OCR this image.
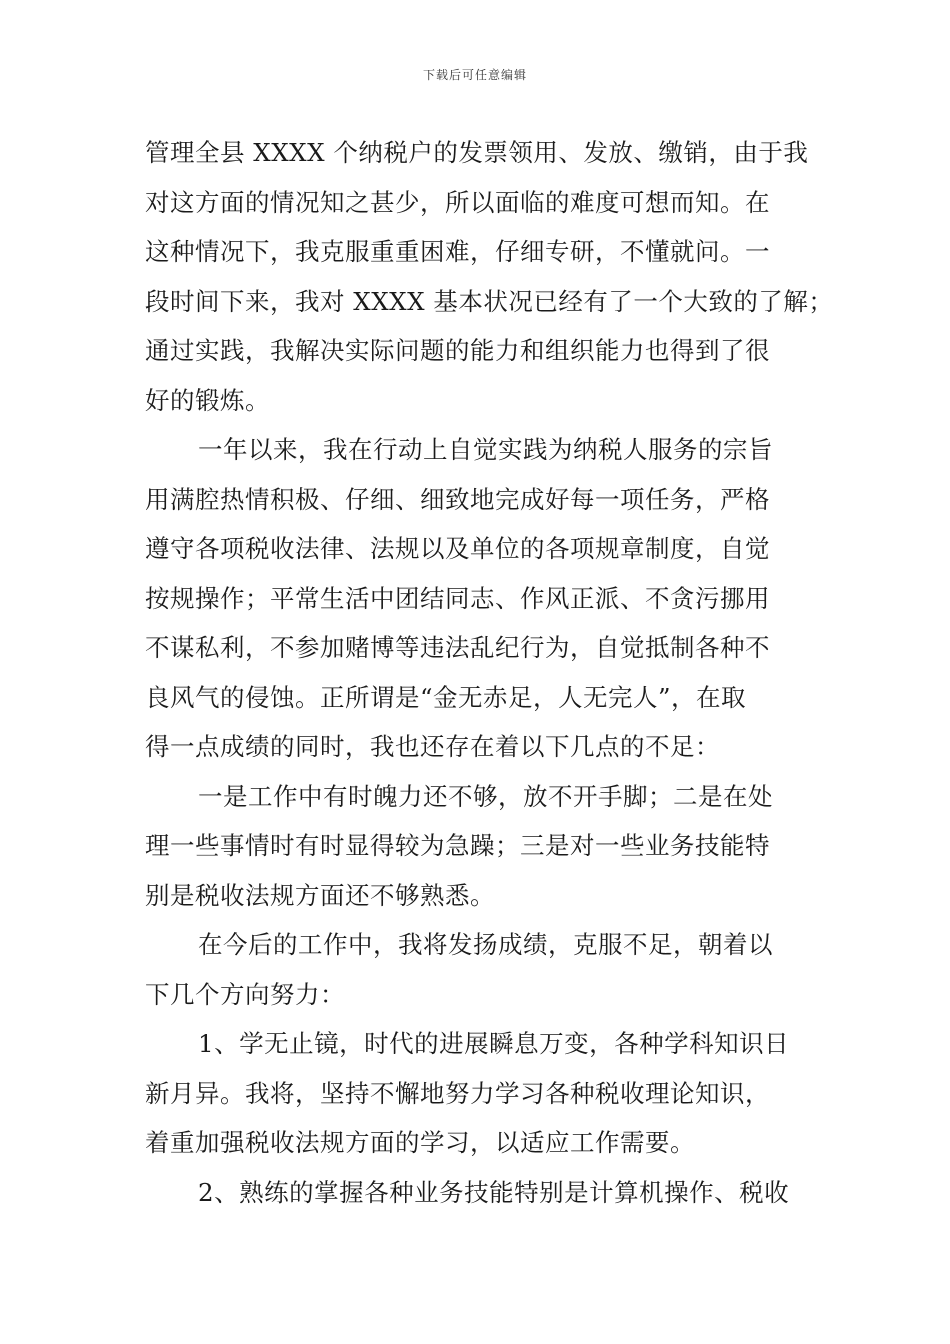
下载后可任意编辑
管理全县 XXXX 个纳税户的发票领用、发放、缴销，由于我
对这方面的情况知之甚少，所以面临的难度可想而知。在
这种情况下，我克服重重困难，仔细专研，不懂就问。一
段时间下来，我对 XXXX 基本状况已经有了一个大致的了解；
通过实践，我解决实际问题的能力和组织能力也得到了很
好的锻炼。
一年以来，我在行动上自觉实践为纳税人服务的宗旨
用满腔热情积极、仔细、细致地完成好每一项任务，严格
遵守各项税收法律、法规以及单位的各项规章制度，自觉
按规操作；平常生活中团结同志、作风正派、不贪污挪用
不谋私利，不参加赌博等违法乱纪行为，自觉抵制各种不
良风气的侵蚀。正所谓是“金无赤足，人无完人”，在取
得一点成绩的同时，我也还存在着以下几点的不足：
一是工作中有时魄力还不够，放不开手脚；二是在处
理一些事情时有时显得较为急躁；三是对一些业务技能特
别是税收法规方面还不够熟悉。
在今后的工作中，我将发扬成绩，克服不足，朝着以
下几个方向努力：
1、学无止镜，时代的进展瞬息万变，各种学科知识日
新月异。我将，坚持不懈地努力学习各种税收理论知识，
着重加强税收法规方面的学习，以适应工作需要。
2、熟练的掌握各种业务技能特别是计算机操作、税收
